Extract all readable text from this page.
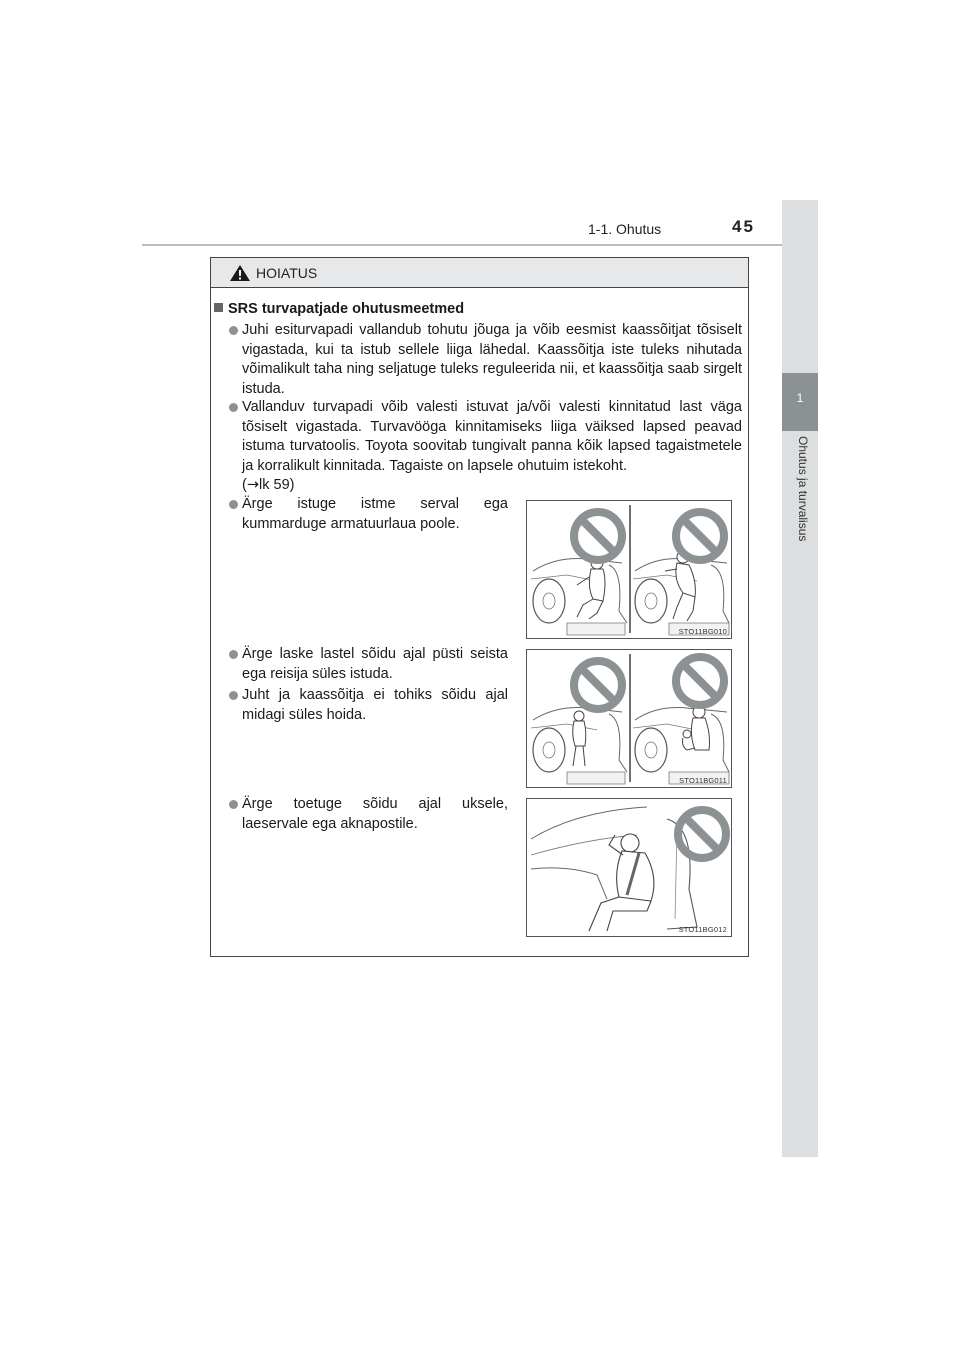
1-1. Ohutus	45
1
Ohutus ja turvalisus
HOIATUS
SRS turvapatjade ohutusmeetmed
Juhi esiturvapadi vallandub tohutu jõuga ja võib eesmist kaassõitjat tõsiselt vigastada, kui ta istub sellele liiga lähedal. Kaassõitja iste tuleks nihutada võimalikult taha ning seljatuge tuleks reguleerida nii, et kaassõitja saab sirgelt istuda.
Vallanduv turvapadi võib valesti istuvat ja/või valesti kinnitatud last väga tõsiselt vigastada. Turvavööga kinnitamiseks liiga väiksed lapsed peavad istuma turvatoolis. Toyota soovitab tungivalt panna kõik lapsed tagaistmetele ja korralikult kinnitada. Tagaiste on lapsele ohutuim istekoht.
(→lk 59)
Ärge istuge istme serval ega kummarduge armatuurlaua poole.
Ärge laske lastel sõidu ajal püsti seista ega reisija süles istuda.
Juht ja kaassõitja ei tohiks sõidu ajal midagi süles hoida.
Ärge toetuge sõidu ajal uksele, laeservale ega aknapostile.
STO11BG010
STO11BG011
STO11BG012
